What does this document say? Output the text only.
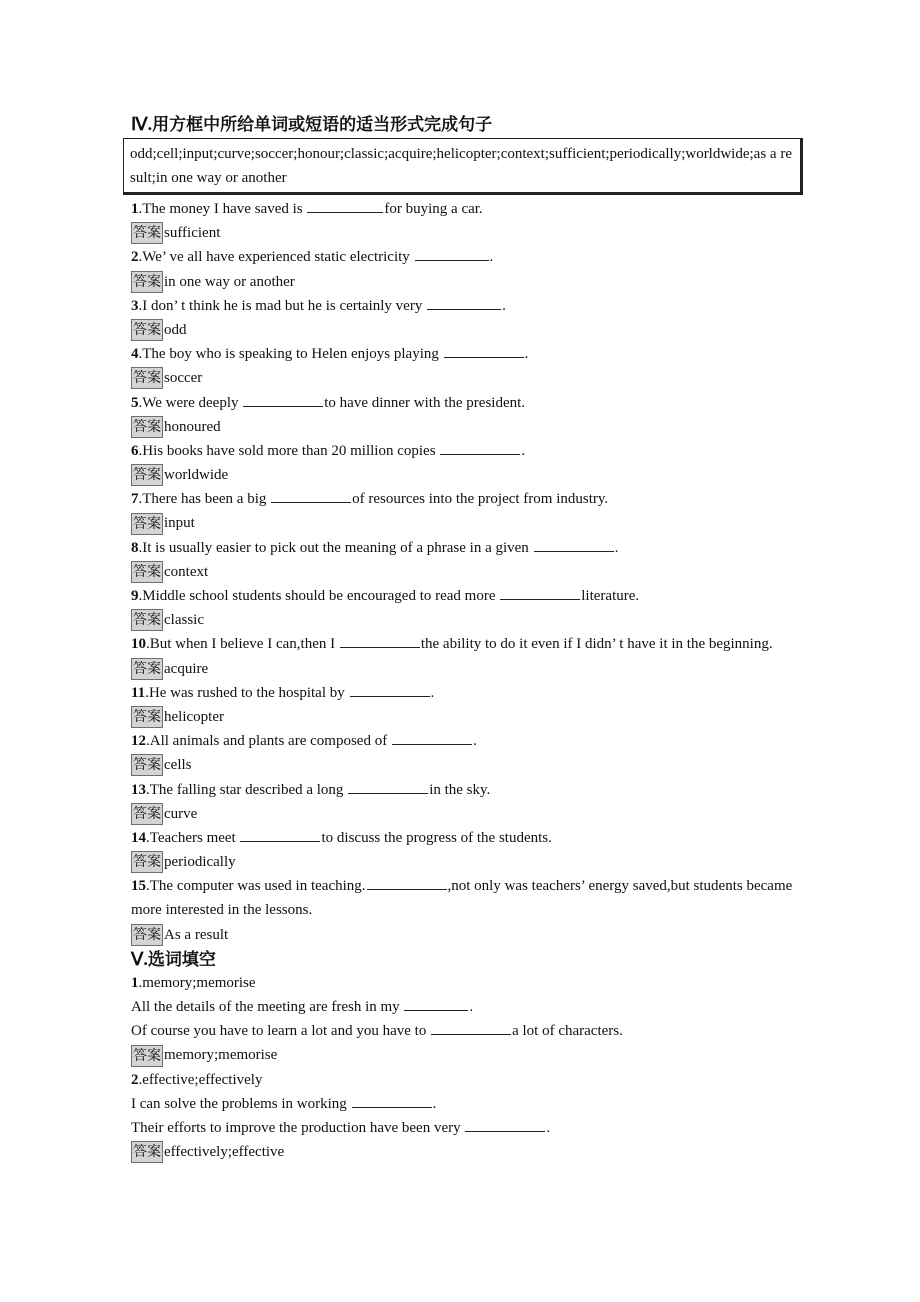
Ⅳ.用方框中所给单词或短语的适当形式完成句子
odd;cell;input;curve;soccer;honour;classic;acquire;helicopter;context;sufficient;periodically;worldwide;as a result;in one way or another
1.The money I have saved is	for buying a car.
答案 sufficient
2.We’ ve all have experienced static electricity	.
答案 in one way or another
3.I don’ t think he is mad but he is certainly very	.
答案 odd
4.The boy who is speaking to Helen enjoys playing	.
答案 soccer
5.We were deeply	to have dinner with the president.
答案 honoured
6.His books have sold more than 20 million copies	.
答案 worldwide
7.There has been a big	of resources into the project from industry.
答案 input
8.It is usually easier to pick out the meaning of a phrase in a given	.
答案 context
9.Middle school students should be encouraged to read more	literature.
答案 classic
10.But when I believe I can,then I	the ability to do it even if I didn’ t have it in the beginning.
答案 acquire
11.He was rushed to the hospital by	.
答案 helicopter
12.All animals and plants are composed of	.
答案 cells
13.The falling star described a long	in the sky.
答案 curve
14.Teachers meet	to discuss the progress of the students.
答案 periodically
15.The computer was used in teaching.	,not only was teachers’ energy saved,but students became more interested in the lessons.
答案 As a result
Ⅴ.选词填空
1.memory;memorise
All the details of the meeting are fresh in my	.
Of course you have to learn a lot and you have to	a lot of characters.
答案 memory;memorise
2.effective;effectively
I can solve the problems in working	.
Their efforts to improve the production have been very	.
答案 effectively;effective
